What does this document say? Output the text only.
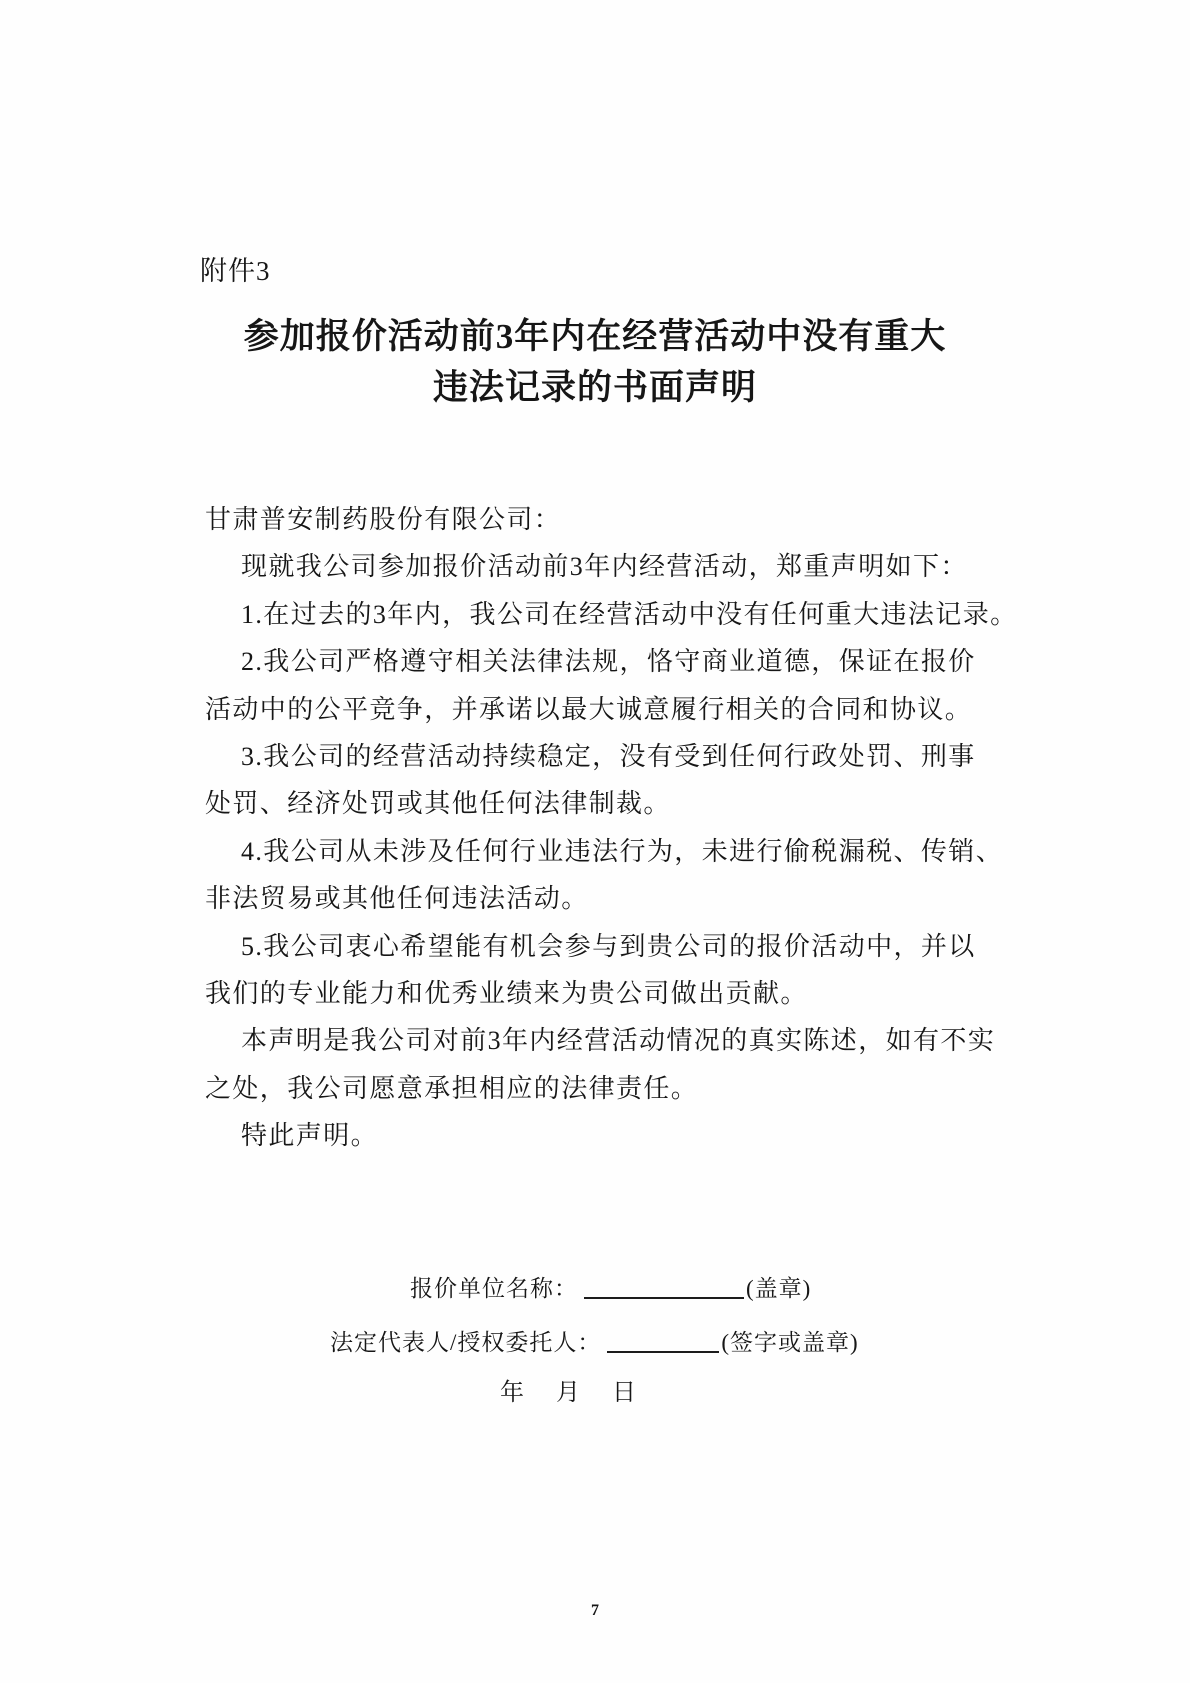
附件3
参加报价活动前3年内在经营活动中没有重大
违法记录的书面声明
甘肃普安制药股份有限公司：
现就我公司参加报价活动前3年内经营活动，郑重声明如下：
1.在过去的3年内，我公司在经营活动中没有任何重大违法记录。
2.我公司严格遵守相关法律法规，恪守商业道德，保证在报价
活动中的公平竞争，并承诺以最大诚意履行相关的合同和协议。
3.我公司的经营活动持续稳定，没有受到任何行政处罚、刑事
处罚、经济处罚或其他任何法律制裁。
4.我公司从未涉及任何行业违法行为，未进行偷税漏税、传销、
非法贸易或其他任何违法活动。
5.我公司衷心希望能有机会参与到贵公司的报价活动中，并以
我们的专业能力和优秀业绩来为贵公司做出贡献。
本声明是我公司对前3年内经营活动情况的真实陈述，如有不实
之处，我公司愿意承担相应的法律责任。
特此声明。
报价单位名称：	(盖章)
法定代表人/授权委托人：	(签字或盖章)
年 月 日
7
